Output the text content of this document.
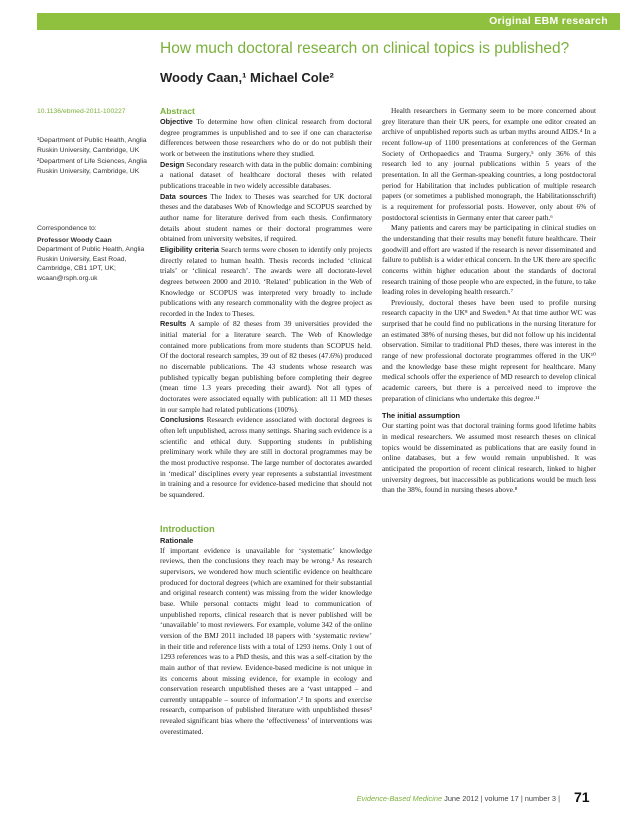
Original EBM research
How much doctoral research on clinical topics is published?
Woody Caan,¹ Michael Cole²
10.1136/ebmed-2011-100227

¹Department of Public Health, Anglia Ruskin University, Cambridge, UK

²Department of Life Sciences, Anglia Ruskin University, Cambridge, UK

Correspondence to:

Professor Woody Caan

Department of Public Health, Anglia Ruskin University, East Road, Cambridge, CB1 1PT, UK; wcaan@rsph.org.uk

Abstract

Objective To determine how often clinical research from doctoral degree programmes is unpublished and to see if one can characterise differences between those researchers who do or do not publish their work or between the institutions where they studied.

Design Secondary research with data in the public domain: combining a national dataset of healthcare doctoral theses with related publications traceable in two widely accessible databases.

Data sources The Index to Theses was searched for UK doctoral theses and the databases Web of Knowledge and SCOPUS searched by author name for literature derived from each thesis. Confirmatory details about student names or their doctoral programmes were obtained from university websites, if required.

Eligibility criteria Search terms were chosen to identify only projects directly related to human health. Thesis records included ‘clinical trials’ or ‘clinical research’. The awards were all doctorate-level degrees between 2000 and 2010. ‘Related’ publication in the Web of Knowledge or SCOPUS was interpreted very broadly to include publications with any research commonality with the degree project as recorded in the Index to Theses.

Results A sample of 82 theses from 39 universities provided the initial material for a literature search. The Web of Knowledge contained more publications from more students than SCOPUS held. Of the doctoral research samples, 39 out of 82 theses (47.6%) produced no discernable publications. The 43 students whose research was published typically began publishing before completing their degree (mean time 1.3 years preceding their award). Not all types of doctorates were associated equally with publication: all 11 MD theses in our sample had related publications (100%).

Conclusions Research evidence associated with doctoral degrees is often left unpublished, across many settings. Sharing such evidence is a scientific and ethical duty. Supporting students in publishing preliminary work while they are still in doctoral programmes may be the most productive response. The large number of doctorates awarded in ‘medical’ disciplines every year represents a substantial investment in training and a resource for evidence-based medicine that should not be squandered.

Introduction

Rationale

If important evidence is unavailable for ‘systematic’ knowledge reviews, then the conclusions they reach may be wrong.¹ As research supervisors, we wondered how much scientific evidence on healthcare produced for doctoral degrees (which are examined for their substantial and original research content) was missing from the wider knowledge base. While personal contacts might lead to communication of unpublished reports, clinical research that is never published will be ‘unavailable’ to most reviewers. For example, volume 342 of the online version of the BMJ 2011 included 18 papers with ‘systematic review’ in their title and reference lists with a total of 1293 items. Only 1 out of 1293 references was to a PhD thesis, and this was a self-citation by the main author of that review. Evidence-based medicine is not unique in its concerns about missing evidence, for example in ecology and conservation research unpublished theses are a ‘vast untapped – and currently untappable – source of information’.² In sports and exercise research, comparison of published literature with unpublished theses³ revealed significant bias where the ‘effectiveness’ of interventions was overestimated.

Health researchers in Germany seem to be more concerned about grey literature than their UK peers, for example one editor created an archive of unpublished reports such as urban myths around AIDS.⁴ In a recent follow-up of 1100 presentations at conferences of the German Society of Orthopaedics and Trauma Surgery,⁵ only 36% of this research led to any journal publications within 5 years of the presentation. In all the German-speaking countries, a long postdoctoral period for Habilitation that includes publication of multiple research papers (or sometimes a published monograph, the Habilitationsschrift) is a requirement for professorial posts. However, only about 6% of postdoctoral scientists in Germany enter that career path.⁶

Many patients and carers may be participating in clinical studies on the understanding that their results may benefit future healthcare. Their goodwill and effort are wasted if the research is never disseminated and failure to publish is a wider ethical concern. In the UK there are specific concerns within higher education about the standards of doctoral research training of those people who are expected, in the future, to take leading roles in developing health research.⁷

Previously, doctoral theses have been used to profile nursing research capacity in the UK⁸ and Sweden.⁹ At that time author WC was surprised that he could find no publications in the nursing literature for an estimated 38% of nursing theses, but did not follow up his incidental observation. Similar to traditional PhD theses, there was interest in the range of new professional doctorate programmes offered in the UK¹⁰ and the knowledge base these might represent for healthcare. Many medical schools offer the experience of MD research to develop clinical academic careers, but there is a perceived need to improve the preparation of clinicians who undertake this degree.¹¹

The initial assumption

Our starting point was that doctoral training forms good lifetime habits in medical researchers. We assumed most research theses on clinical topics would be disseminated as publications that are easily found in online databases, but a few would remain unpublished. It was anticipated the proportion of recent clinical research, linked to higher university degrees, but inaccessible as publications would be much less than the 38%, found in nursing theses above.⁸

Evidence-Based Medicine June 2012 | volume 17 | number 3 | 71
